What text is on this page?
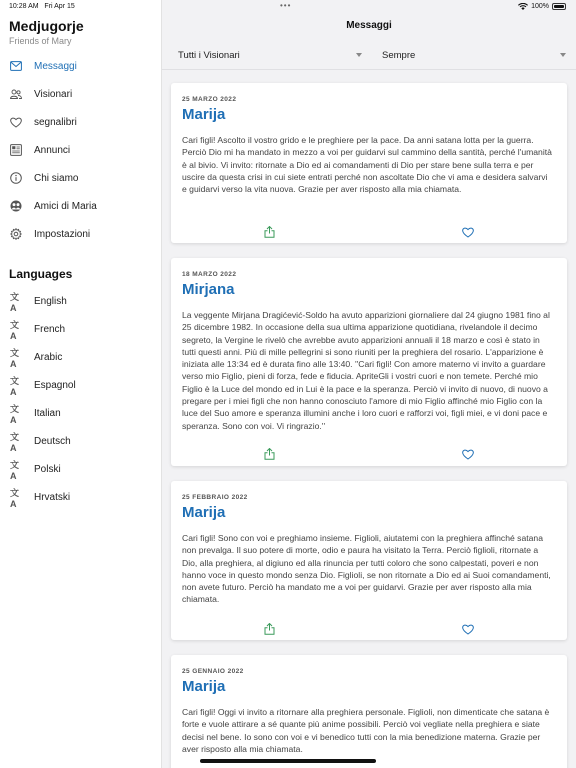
10:28 AM Fri Apr 15	•••	100%
Medjugorje
Friends of Mary
Messaggi
Visionari
segnalibri
Annunci
Chi siamo
Amici di Maria
Impostazioni
Languages
文A
English
文A
French
文A
Arabic
文A
Espagnol
文A
Italian
文A
Deutsch
文A
Polski
文A
Hrvatski
Messaggi
Tutti i Visionari	Sempre
25 MARZO 2022
Marija
Cari figli! Ascolto il vostro grido e le preghiere per la pace. Da anni satana lotta per la guerra. Perciò Dio mi ha mandato in mezzo a voi per guidarvi sul cammino della santità, perché l'umanità è al bivio. Vi invito: ritornate a Dio ed ai comandamenti di Dio per stare bene sulla terra e per uscire da questa crisi in cui siete entrati perché non ascoltate Dio che vi ama e desidera salvarvi e guidarvi verso la vita nuova. Grazie per aver risposto alla mia chiamata.
18 MARZO 2022
Mirjana
La veggente Mirjana Dragićević-Soldo ha avuto apparizioni giornaliere dal 24 giugno 1981 fino al 25 dicembre 1982. In occasione della sua ultima apparizione quotidiana, rivelandole il decimo segreto, la Vergine le rivelò che avrebbe avuto apparizioni annuali il 18 marzo e così è stato in tutti questi anni. Più di mille pellegrini si sono riuniti per la preghiera del rosario. L'apparizione è iniziata alle 13:34 ed è durata fino alle 13:40. ''Cari figli! Con amore materno vi invito a guardare verso mio Figlio, pieni di forza, fede e fiducia. ApriteGli i vostri cuori e non temete. Perché mio Figlio è la Luce del mondo ed in Lui è la pace e la speranza. Perciò vi invito di nuovo, di nuovo a pregare per i miei figli che non hanno conosciuto l'amore di mio Figlio affinché mio Figlio con la luce del Suo amore e speranza illumini anche i loro cuori e rafforzi voi, figli miei, e vi doni pace e speranza. Sono con voi. Vi ringrazio.''
25 FEBBRAIO 2022
Marija
Cari figli! Sono con voi e preghiamo insieme. Figlioli, aiutatemi con la preghiera affinché satana non prevalga. Il suo potere di morte, odio e paura ha visitato la Terra. Perciò figlioli, ritornate a Dio, alla preghiera, al digiuno ed alla rinuncia per tutti coloro che sono calpestati, poveri e non hanno voce in questo mondo senza Dio. Figlioli, se non ritornate a Dio ed ai Suoi comandamenti, non avete futuro. Perciò ha mandato me a voi per guidarvi. Grazie per aver risposto alla mia chiamata.
25 GENNAIO 2022
Marija
Cari figli! Oggi vi invito a ritornare alla preghiera personale. Figlioli, non dimenticate che satana è forte e vuole attirare a sé quante più anime possibili. Perciò voi vegliate nella preghiera e siate decisi nel bene. Io sono con voi e vi benedico tutti con la mia benedizione materna. Grazie per aver risposto alla mia chiamata.
